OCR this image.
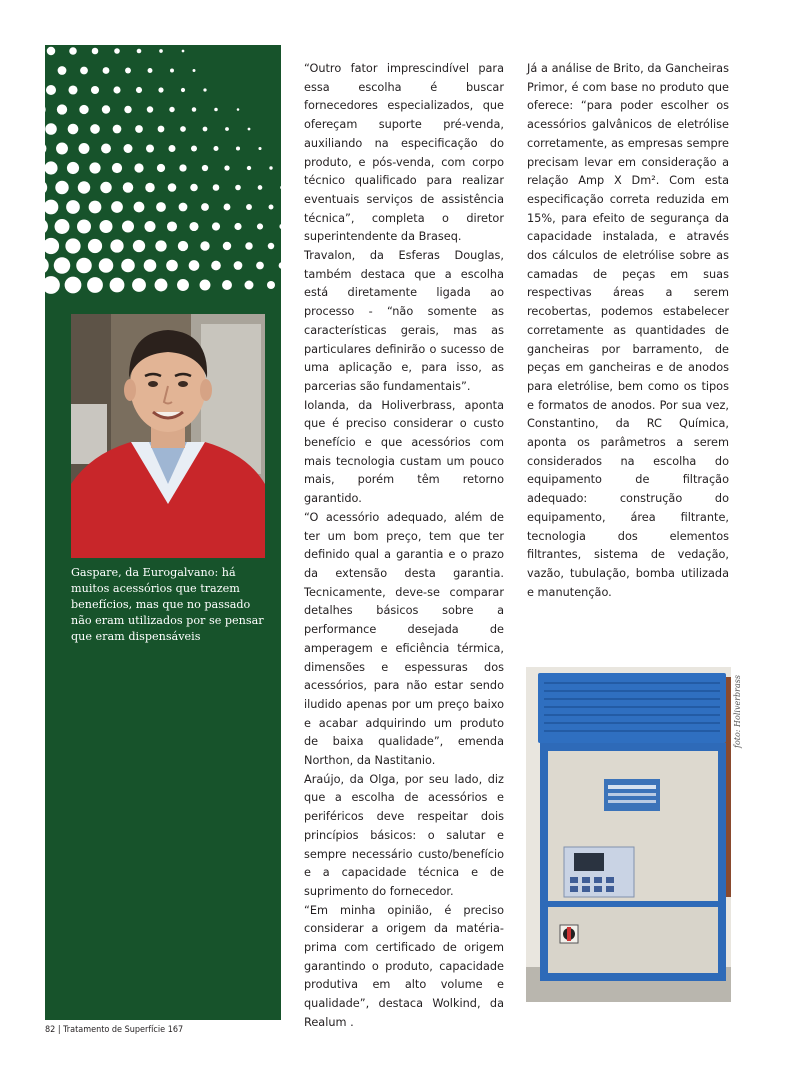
Gaspare, da Eurogalvano: há muitos acessórios que trazem benefícios, mas que no passado não eram utilizados por se pensar que eram dispensáveis

“Outro fator imprescindível para essa escolha é buscar fornecedores especializados, que ofereçam suporte pré-venda, auxiliando na especificação do produto, e pós-venda, com corpo técnico qualificado para realizar eventuais serviços de assistência técnica”, completa o diretor superintendente da Braseq.

Travalon, da Esferas Douglas, também destaca que a escolha está diretamente ligada ao processo - “não somente as características gerais, mas as particulares definirão o sucesso de uma aplicação e, para isso, as parcerias são fundamentais”.

Iolanda, da Holiverbrass, aponta que é preciso considerar o custo benefício e que acessórios com mais tecnologia custam um pouco mais, porém têm retorno garantido.

“O acessório adequado, além de ter um bom preço, tem que ter definido qual a garantia e o prazo da extensão desta garantia. Tecnicamente, deve-se comparar detalhes básicos sobre a performance desejada de amperagem e eficiência térmica, dimensões e espessuras dos acessórios, para não estar sendo iludido apenas por um preço baixo e acabar adquirindo um produto de baixa qualidade”, emenda Northon, da Nastitanio.

Araújo, da Olga, por seu lado, diz que a escolha de acessórios e periféricos deve respeitar dois princípios básicos: o salutar e sempre necessário custo/benefício e a capacidade técnica e de suprimento do fornecedor.

“Em minha opinião, é preciso considerar a origem da matéria-prima com certificado de origem garantindo o produto, capacidade produtiva em alto volume e qualidade”, destaca Wolkind, da Realum .

Já a análise de Brito, da Gancheiras Primor, é com base no produto que oferece: “para poder escolher os acessórios galvânicos de eletrólise corretamente, as empresas sempre precisam levar em consideração a relação Amp X Dm². Com esta especificação correta reduzida em 15%, para efeito de segurança da capacidade instalada, e através dos cálculos de eletrólise sobre as camadas de peças em suas respectivas áreas a serem recobertas, podemos estabelecer corretamente as quantidades de gancheiras por barramento, de peças em gancheiras e de anodos para eletrólise, bem como os tipos e formatos de anodos. Por sua vez, Constantino, da RC Química, aponta os parâmetros a serem considerados na escolha do equipamento de filtração adequado: construção do equipamento, área filtrante, tecnologia dos elementos filtrantes, sistema de vedação, vazão, tubulação, bomba utilizada e manutenção.

foto: Holiverbrass
82 | Tratamento de Superfície 167
